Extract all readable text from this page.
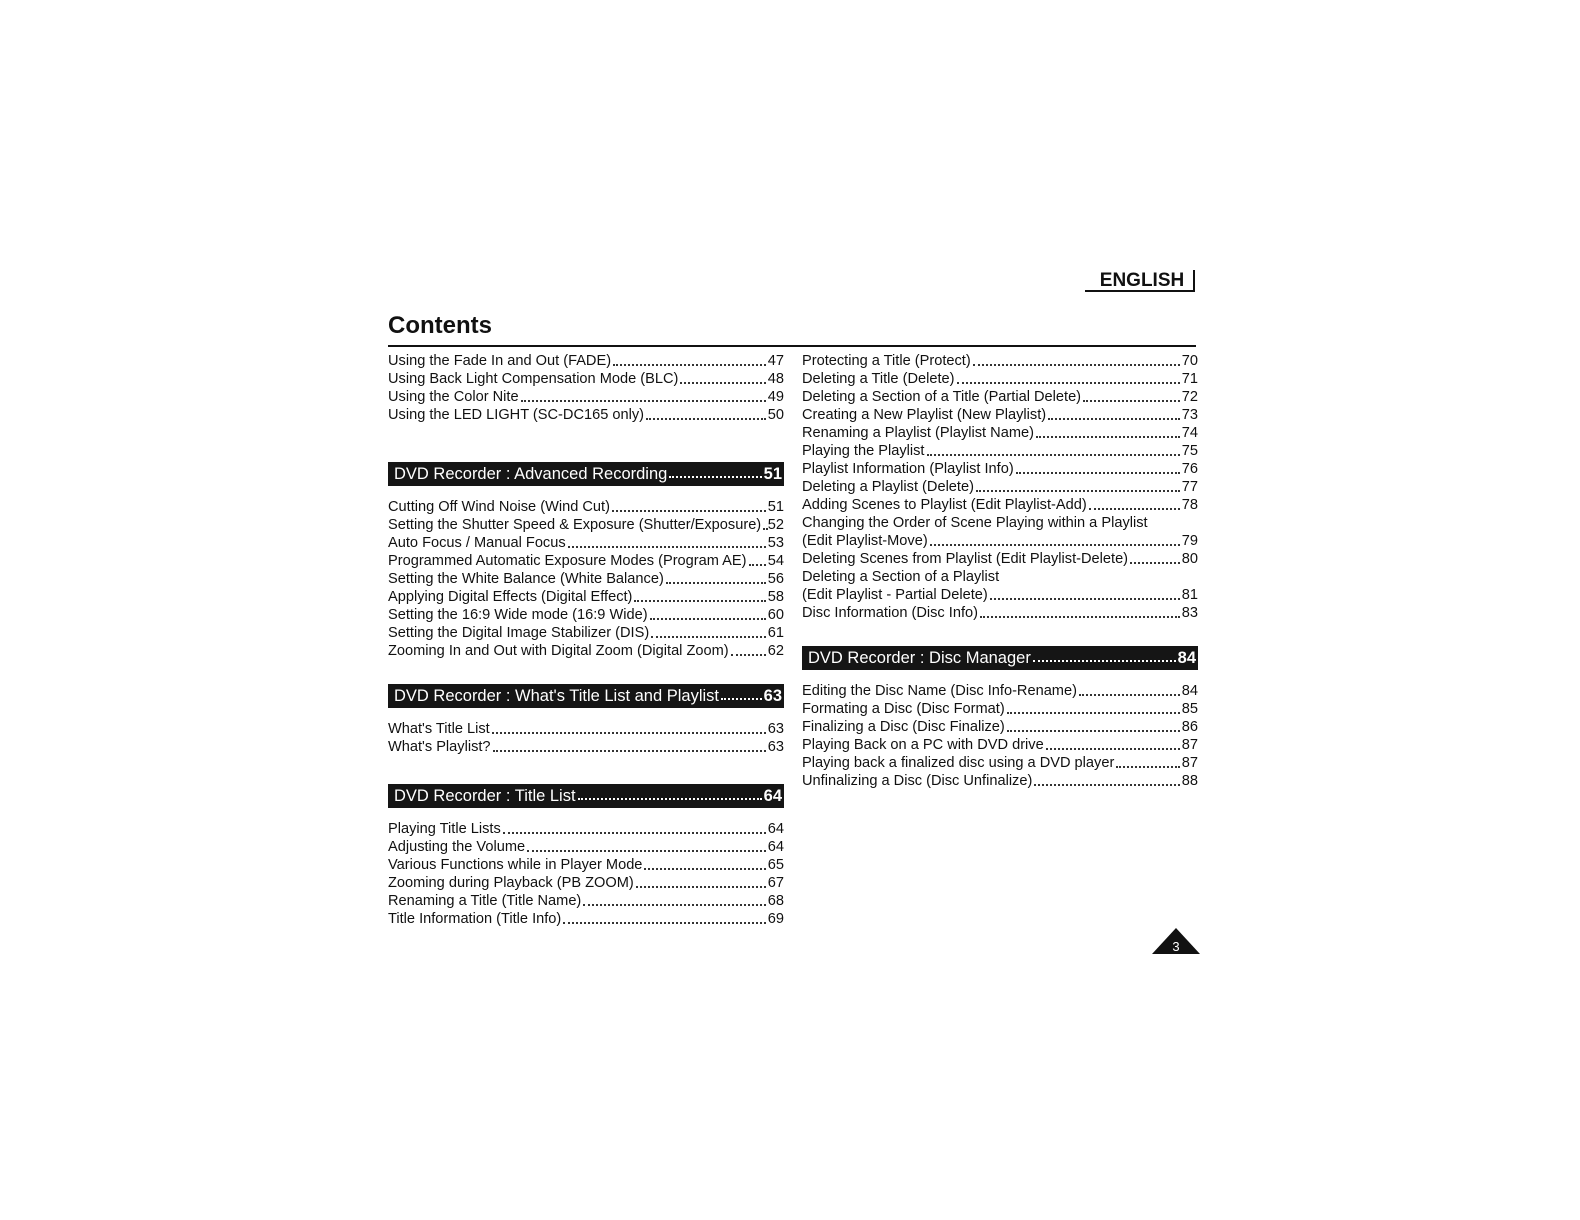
ENGLISH
Contents
Using the Fade In and Out (FADE)	47
Using Back Light Compensation Mode (BLC)	48
Using the Color Nite	49
Using the LED LIGHT (SC-DC165 only)	50
DVD Recorder : Advanced Recording	51
Cutting Off Wind Noise (Wind Cut)	51
Setting the Shutter Speed & Exposure (Shutter/Exposure) 52
Auto Focus / Manual Focus	53
Programmed Automatic Exposure Modes (Program AE) 54
Setting the White Balance (White Balance)	56
Applying Digital Effects (Digital Effect)	58
Setting the 16:9 Wide mode (16:9 Wide)	60
Setting the Digital Image Stabilizer (DIS)	61
Zooming In and Out with Digital Zoom (Digital Zoom)	62
DVD Recorder : What's Title List and Playlist	63
What's Title List	63
What's Playlist?	63
DVD Recorder : Title List	64
Playing Title Lists	64
Adjusting the Volume	64
Various Functions while in Player Mode	65
Zooming during Playback (PB ZOOM)	67
Renaming a Title (Title Name)	68
Title Information (Title Info)	69
Protecting a Title (Protect)	70
Deleting a Title (Delete)	71
Deleting a Section of a Title (Partial Delete)	72
Creating a New Playlist (New Playlist)	73
Renaming a Playlist (Playlist Name)	74
Playing the Playlist	75
Playlist Information (Playlist Info)	76
Deleting a Playlist (Delete)	77
Adding Scenes to Playlist (Edit Playlist-Add)	78
Changing the Order of Scene Playing within a Playlist
(Edit Playlist-Move)	79
Deleting Scenes from Playlist (Edit Playlist-Delete)	80
Deleting a Section of a Playlist
(Edit Playlist - Partial Delete)	81
Disc Information (Disc Info)	83
DVD Recorder : Disc Manager	84
Editing the Disc Name (Disc Info-Rename)	84
Formating a Disc (Disc Format)	85
Finalizing a Disc (Disc Finalize)	86
Playing Back on a PC with DVD drive	87
Playing back a finalized disc using a DVD player	87
Unfinalizing a Disc (Disc Unfinalize)	88
3
